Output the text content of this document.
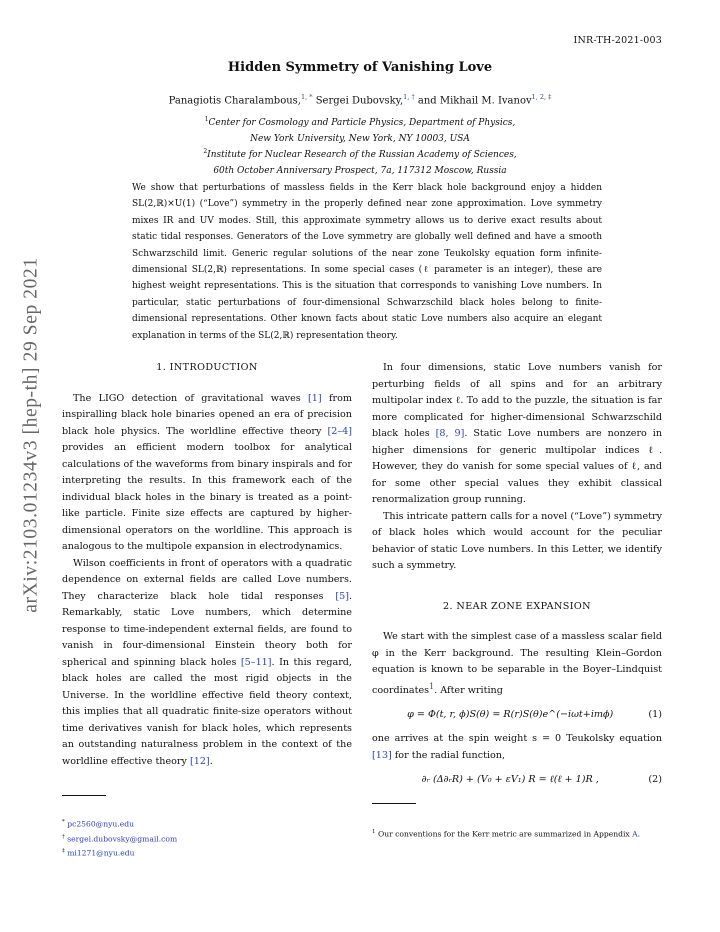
INR-TH-2021-003
arXiv:2103.01234v3 [hep-th] 29 Sep 2021
Hidden Symmetry of Vanishing Love
Panagiotis Charalambous,$^{1, *}$ Sergei Dubovsky,$^{1, \dagger}$ and Mikhail M. Ivanov$^{1, 2, \ddagger}$
$^1$Center for Cosmology and Particle Physics, Department of Physics,
New York University, New York, NY 10003, USA
$^2$Institute for Nuclear Research of the Russian Academy of Sciences,
60th October Anniversary Prospect, 7a, 117312 Moscow, Russia
We show that perturbations of massless fields in the Kerr black hole background enjoy a hidden SL(2,ℝ)×U(1) (“Love”) symmetry in the properly defined near zone approximation. Love symmetry mixes IR and UV modes. Still, this approximate symmetry allows us to derive exact results about static tidal responses. Generators of the Love symmetry are globally well defined and have a smooth Schwarzschild limit. Generic regular solutions of the near zone Teukolsky equation form infinite-dimensional SL(2,ℝ) representations. In some special cases (ℓ parameter is an integer), these are highest weight representations. This is the situation that corresponds to vanishing Love numbers. In particular, static perturbations of four-dimensional Schwarzschild black holes belong to finite-dimensional representations. Other known facts about static Love numbers also acquire an elegant explanation in terms of the SL(2,ℝ) representation theory.
1. INTRODUCTION

The LIGO detection of gravitational waves [1] from inspiralling black hole binaries opened an era of precision black hole physics. The worldline effective theory [2–4] provides an efficient modern toolbox for analytical calculations of the waveforms from binary inspirals and for interpreting the results. In this framework each of the individual black holes in the binary is treated as a point-like particle. Finite size effects are captured by higher-dimensional operators on the worldline. This approach is analogous to the multipole expansion in electrodynamics.

Wilson coefficients in front of operators with a quadratic dependence on external fields are called Love numbers. They characterize black hole tidal responses [5]. Remarkably, static Love numbers, which determine response to time-independent external fields, are found to vanish in four-dimensional Einstein theory both for spherical and spinning black holes [5–11]. In this regard, black holes are called the most rigid objects in the Universe. In the worldline effective field theory context, this implies that all quadratic finite-size operators without time derivatives vanish for black holes, which represents an outstanding naturalness problem in the context of the worldline effective theory [12].

In four dimensions, static Love numbers vanish for perturbing fields of all spins and for an arbitrary multipolar index ℓ. To add to the puzzle, the situation is far more complicated for higher-dimensional Schwarzschild black holes [8, 9]. Static Love numbers are nonzero in higher dimensions for generic multipolar indices ℓ. However, they do vanish for some special values of ℓ, and for some other special values they exhibit classical renormalization group running.

This intricate pattern calls for a novel (“Love”) symmetry of black holes which would account for the peculiar behavior of static Love numbers. In this Letter, we identify such a symmetry.

2. NEAR ZONE EXPANSION

We start with the simplest case of a massless scalar field φ in the Kerr background. The resulting Klein–Gordon equation is known to be separable in the Boyer–Lindquist coordinates$^1$. After writing

φ = Φ(t, r, ϕ)S(θ) = R(r)S(θ)e^(−iωt+imϕ)	(1)

one arrives at the spin weight s = 0 Teukolsky equation [13] for the radial function,

∂ᵣ (Δ∂ᵣR) + (V₀ + εV₁) R = ℓ(ℓ + 1)R ,	(2)
* pc2560@nyu.edu
† sergei.dubovsky@gmail.com
‡ mi1271@nyu.edu
$^1$ Our conventions for the Kerr metric are summarized in Appendix A.
